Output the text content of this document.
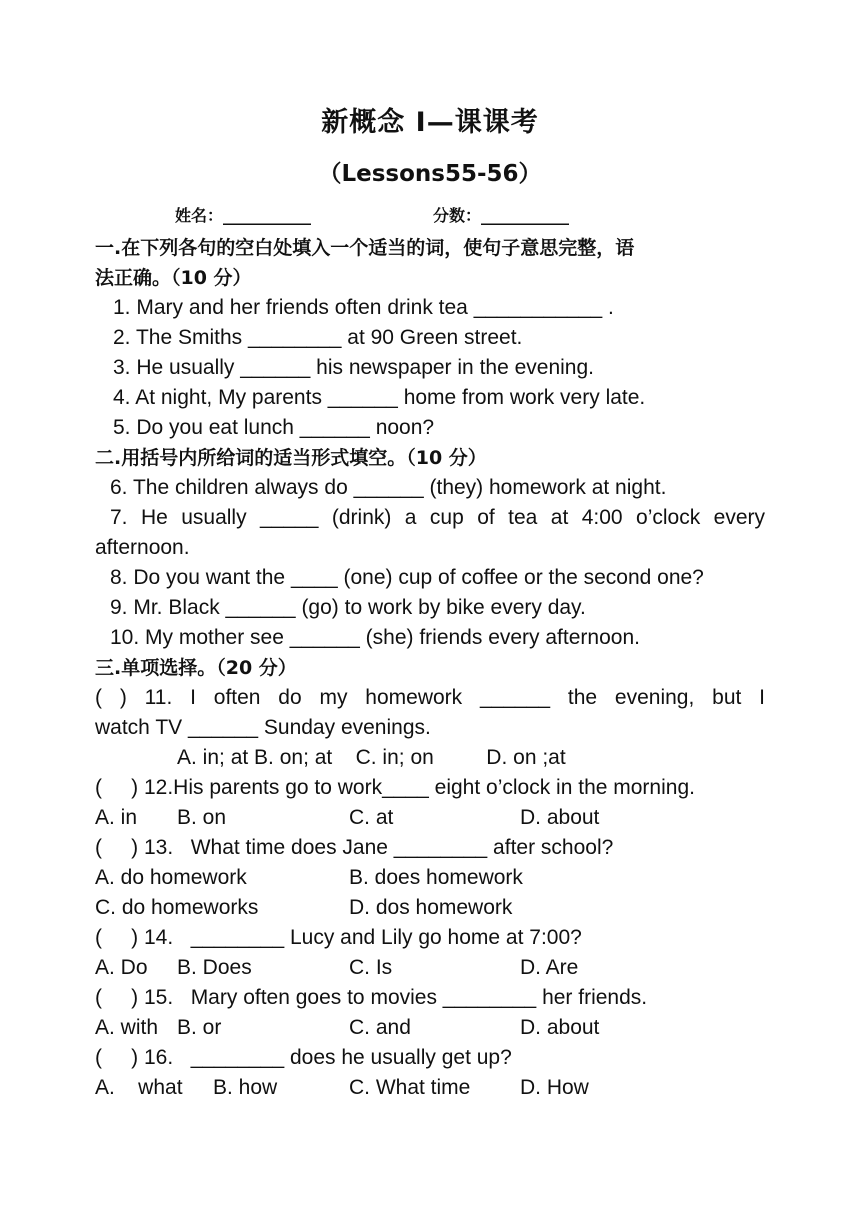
新概念 I—课课考
（Lessons55-56）
姓名：___________	分数：___________
一.在下列各句的空白处填入一个适当的词，使句子意思完整，语
法正确。（10 分）
1. Mary and her friends often drink tea ___________ .
2. The Smiths ________ at 90 Green street.
3. He usually ______ his newspaper in the evening.
4. At night, My parents ______ home from work very late.
5. Do you eat lunch ______ noon?
二.用括号内所给词的适当形式填空。（10 分）
6. The children always do ______ (they) homework at night.
7. He usually _____ (drink) a cup of tea at 4:00 o’clock every
afternoon.
8. Do you want the ____ (one) cup of coffee or the second one?
9. Mr. Black ______ (go) to work by bike every day.
10. My mother see ______ (she) friends every afternoon.
三.单项选择。（20 分）
( ) 11. I often do my homework ______ the evening, but I
watch TV ______ Sunday evenings.
A. in; at B. on; at    C. in; on         D. on ;at
(     ) 12.His parents go to work____ eight o’clock in the morning.
A. in B. on	C. at	D. about
(     ) 13.   What time does Jane ________ after school?
A. do homework	B. does homework
C. do homeworks	D. dos homework
(     ) 14.   ________ Lucy and Lily go home at 7:00?
A. Do B. Does	C. Is	D. Are
(     ) 15.   Mary often goes to movies ________ her friends.
A. with B. or	C. and	D. about
(     ) 16.   ________ does he usually get up?
A.    what B. how	C. What time D. How
